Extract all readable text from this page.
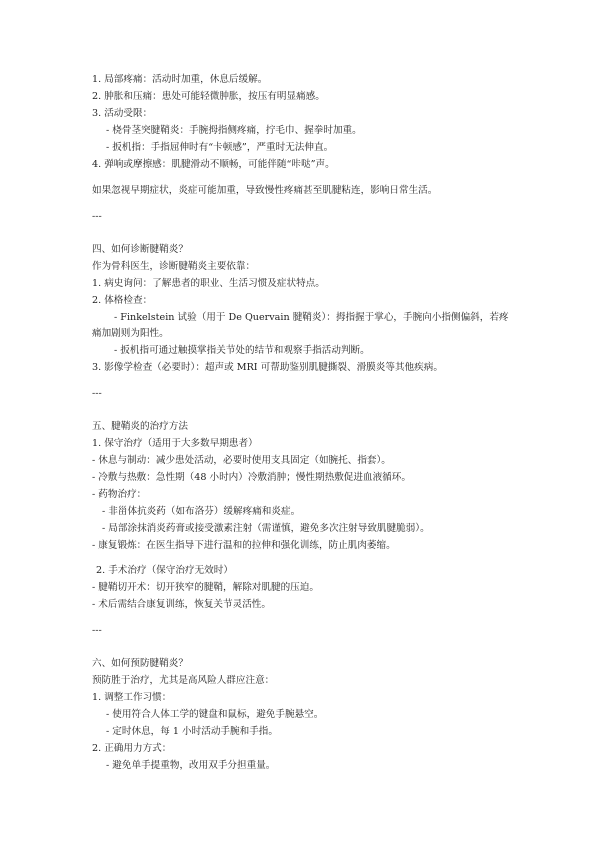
1. 局部疼痛：活动时加重，休息后缓解。
2. 肿胀和压痛：患处可能轻微肿胀，按压有明显痛感。
3. 活动受限：
- 桡骨茎突腱鞘炎：手腕拇指侧疼痛，拧毛巾、握拳时加重。
- 扳机指：手指屈伸时有“卡顿感”，严重时无法伸直。
4. 弹响或摩擦感：肌腱滑动不顺畅，可能伴随“咔哒”声。
如果忽视早期症状，炎症可能加重，导致慢性疼痛甚至肌腱粘连，影响日常生活。
---
四、如何诊断腱鞘炎？
作为骨科医生，诊断腱鞘炎主要依靠：
1. 病史询问：了解患者的职业、生活习惯及症状特点。
2. 体格检查：
- Finkelstein 试验（用于 De Quervain 腱鞘炎）：拇指握于掌心，手腕向小指侧偏斜，若疼
痛加剧则为阳性。
- 扳机指可通过触摸掌指关节处的结节和观察手指活动判断。
3. 影像学检查（必要时）：超声或 MRI 可帮助鉴别肌腱撕裂、滑膜炎等其他疾病。
---
五、腱鞘炎的治疗方法
1. 保守治疗（适用于大多数早期患者）
- 休息与制动：减少患处活动，必要时使用支具固定（如腕托、指套）。
- 冷敷与热敷：急性期（48 小时内）冷敷消肿；慢性期热敷促进血液循环。
- 药物治疗：
- 非甾体抗炎药（如布洛芬）缓解疼痛和炎症。
- 局部涂抹消炎药膏或接受激素注射（需谨慎，避免多次注射导致肌腱脆弱）。
- 康复锻炼：在医生指导下进行温和的拉伸和强化训练，防止肌肉萎缩。
2. 手术治疗（保守治疗无效时）
- 腱鞘切开术：切开狭窄的腱鞘，解除对肌腱的压迫。
- 术后需结合康复训练，恢复关节灵活性。
---
六、如何预防腱鞘炎？
预防胜于治疗，尤其是高风险人群应注意：
1. 调整工作习惯：
- 使用符合人体工学的键盘和鼠标，避免手腕悬空。
- 定时休息，每 1 小时活动手腕和手指。
2. 正确用力方式：
- 避免单手提重物，改用双手分担重量。
